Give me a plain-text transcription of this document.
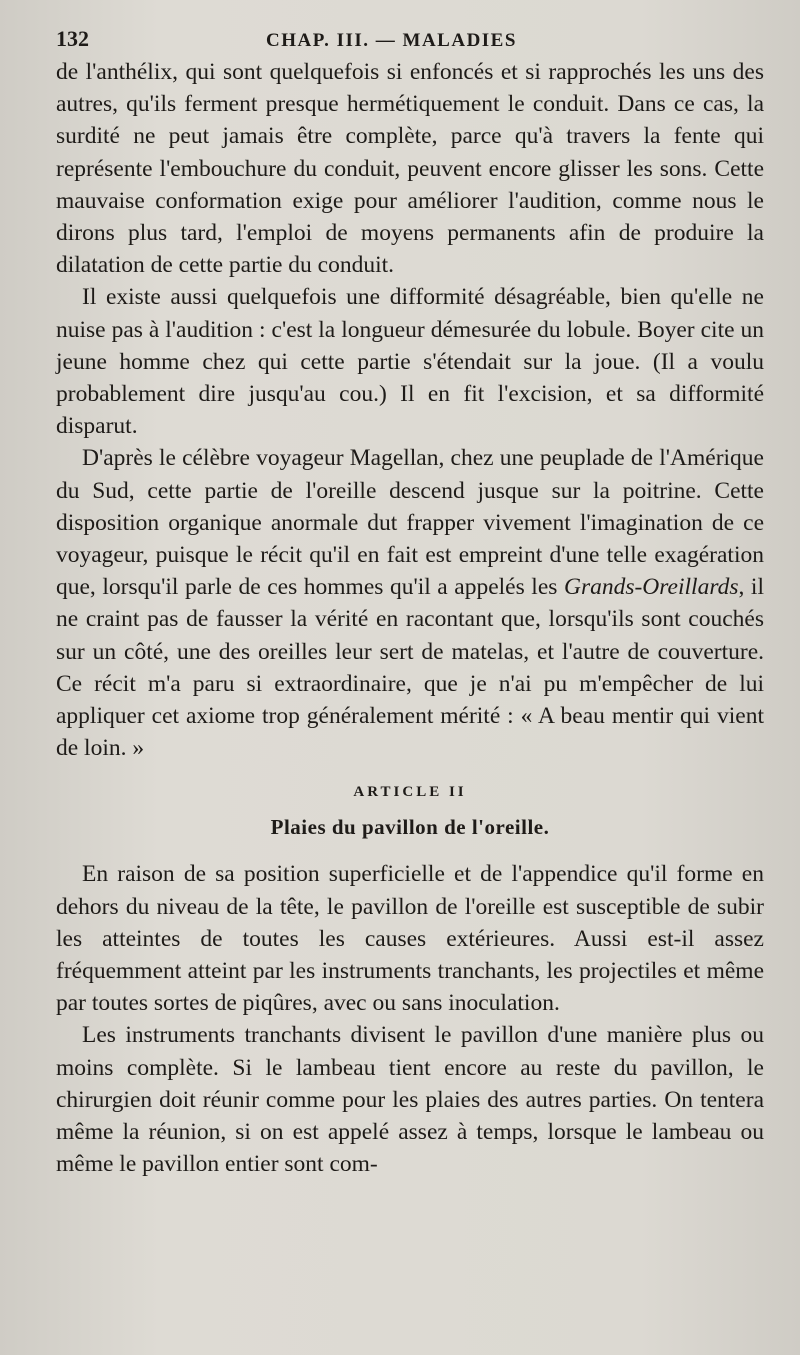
132	CHAP. III. — MALADIES

de l'anthélix, qui sont quelquefois si enfoncés et si rapprochés les uns des autres, qu'ils ferment presque hermétiquement le conduit. Dans ce cas, la surdité ne peut jamais être complète, parce qu'à travers la fente qui représente l'embouchure du conduit, peuvent encore glisser les sons. Cette mauvaise conformation exige pour améliorer l'audition, comme nous le dirons plus tard, l'emploi de moyens permanents afin de produire la dilatation de cette partie du conduit.

Il existe aussi quelquefois une difformité désagréable, bien qu'elle ne nuise pas à l'audition : c'est la longueur démesurée du lobule. Boyer cite un jeune homme chez qui cette partie s'étendait sur la joue. (Il a voulu probablement dire jusqu'au cou.) Il en fit l'excision, et sa difformité disparut.

D'après le célèbre voyageur Magellan, chez une peuplade de l'Amérique du Sud, cette partie de l'oreille descend jusque sur la poitrine. Cette disposition organique anormale dut frapper vivement l'imagination de ce voyageur, puisque le récit qu'il en fait est empreint d'une telle exagération que, lorsqu'il parle de ces hommes qu'il a appelés les Grands-Oreillards, il ne craint pas de fausser la vérité en racontant que, lorsqu'ils sont couchés sur un côté, une des oreilles leur sert de matelas, et l'autre de couverture. Ce récit m'a paru si extraordinaire, que je n'ai pu m'empêcher de lui appliquer cet axiome trop généralement mérité : « A beau mentir qui vient de loin. »

ARTICLE II
Plaies du pavillon de l'oreille.

En raison de sa position superficielle et de l'appendice qu'il forme en dehors du niveau de la tête, le pavillon de l'oreille est susceptible de subir les atteintes de toutes les causes extérieures. Aussi est-il assez fréquemment atteint par les instruments tranchants, les projectiles et même par toutes sortes de piqûres, avec ou sans inoculation.

Les instruments tranchants divisent le pavillon d'une manière plus ou moins complète. Si le lambeau tient encore au reste du pavillon, le chirurgien doit réunir comme pour les plaies des autres parties. On tentera même la réunion, si on est appelé assez à temps, lorsque le lambeau ou même le pavillon entier sont com-
